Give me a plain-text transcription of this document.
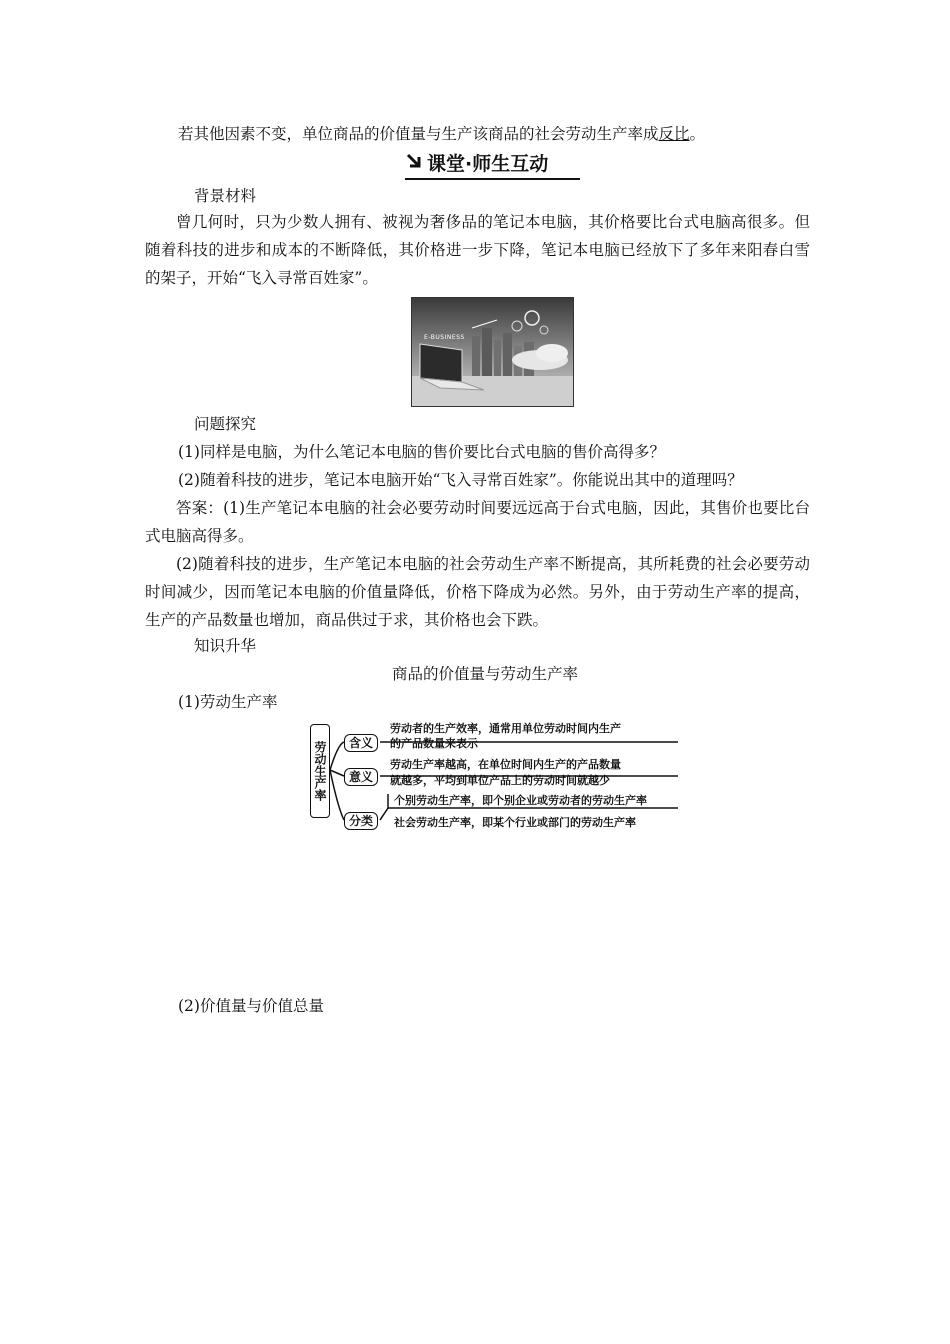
若其他因素不变，单位商品的价值量与生产该商品的社会劳动生产率成反比。
课堂·师生互动
背景材料
曾几何时，只为少数人拥有、被视为奢侈品的笔记本电脑，其价格要比台式电脑高很多。但随着科技的进步和成本的不断降低，其价格进一步下降，笔记本电脑已经放下了多年来阳春白雪的架子，开始“飞入寻常百姓家”。
E-BUSINESS
问题探究
(1)同样是电脑，为什么笔记本电脑的售价要比台式电脑的售价高得多？
(2)随着科技的进步，笔记本电脑开始“飞入寻常百姓家”。你能说出其中的道理吗？
答案：(1)生产笔记本电脑的社会必要劳动时间要远远高于台式电脑，因此，其售价也要比台式电脑高得多。
(2)随着科技的进步，生产笔记本电脑的社会劳动生产率不断提高，其所耗费的社会必要劳动时间减少，因而笔记本电脑的价值量降低，价格下降成为必然。另外，由于劳动生产率的提高，生产的产品数量也增加，商品供过于求，其价格也会下跌。
知识升华
商品的价值量与劳动生产率
(1)劳动生产率
劳动生产率	含义
劳动者的生产效率，通常用单位劳动时间内生产
的产品数量来表示
意义
劳动生产率越高，在单位时间内生产的产品数量
就越多，平均到单位产品上的劳动时间就越少
分类
个别劳动生产率，即个别企业或劳动者的劳动生产率
社会劳动生产率，即某个行业或部门的劳动生产率
(2)价值量与价值总量
